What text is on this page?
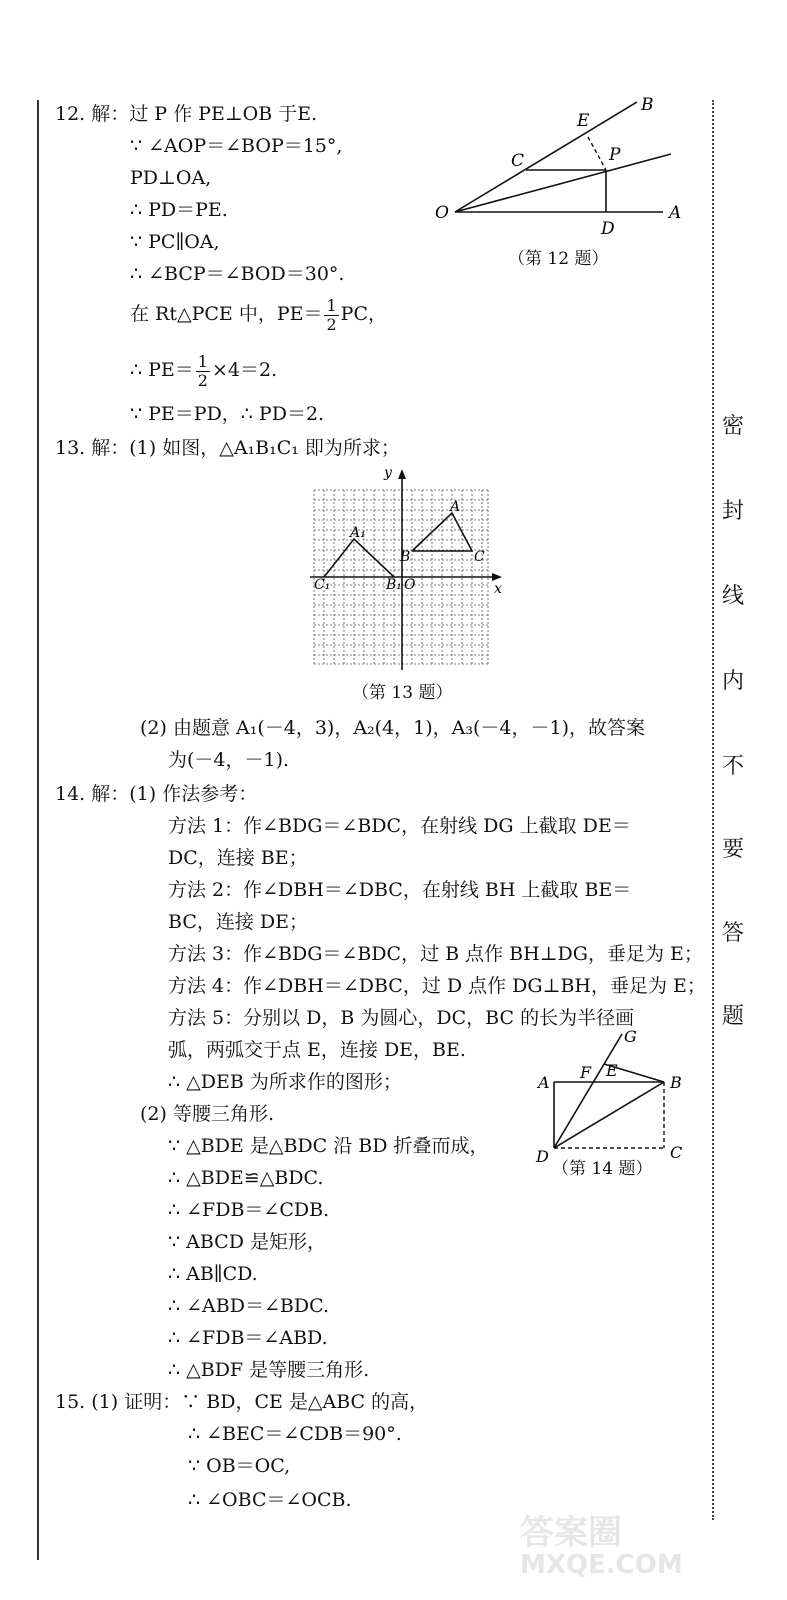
密
封
线
内
不
要
答
题
12. 解：过 P 作 PE⊥OB 于E.
∵ ∠AOP＝∠BOP＝15°,
PD⊥OA,
∴ PD＝PE.
∵ PC∥OA,
∴ ∠BCP＝∠BOD＝30°.
在 Rt△PCE 中，$PE= \frac{1}{2}$ PC，
∴ $PE= \frac{1}{2} \times 4=2$.
∵ PE＝PD，∴ PD＝2.
O	A
B
E
C	P
D
（第 12 题）
13. 解：(1) 如图，△A₁B₁C₁ 即为所求；
y
x
A
B	C
A₁
B₁
C₁	O
（第 13 题）
(2) 由题意 A₁(－4，3)，A₂(4，1)，A₃(－4，－1)，故答案
为(－4，－1).
14. 解：(1) 作法参考：
方法 1：作∠BDG＝∠BDC，在射线 DG 上截取 DE＝
DC，连接 BE；
方法 2：作∠DBH＝∠DBC，在射线 BH 上截取 BE＝
BC，连接 DE；
方法 3：作∠BDG＝∠BDC，过 B 点作 BH⊥DG，垂足为 E；
方法 4：作∠DBH＝∠DBC，过 D 点作 DG⊥BH，垂足为 E；
方法 5：分别以 D，B 为圆心，DC，BC 的长为半径画
弧，两弧交于点 E，连接 DE，BE.
∴ △DEB 为所求作的图形；
(2) 等腰三角形.
∵ △BDE 是△BDC 沿 BD 折叠而成，
∴ △BDE≌△BDC.
∴ ∠FDB＝∠CDB.
∵ ABCD 是矩形，
∴ AB∥CD.
∴ ∠ABD＝∠BDC.
∴ ∠FDB＝∠ABD.
∴ △BDF 是等腰三角形.
A	B
C
D
E
F
G
（第 14 题）
15. (1) 证明：∵ BD，CE 是△ABC 的高，
∴ ∠BEC＝∠CDB＝90°.
∵ OB＝OC,
∴ ∠OBC＝∠OCB.
答案圈
MXQE.COM
